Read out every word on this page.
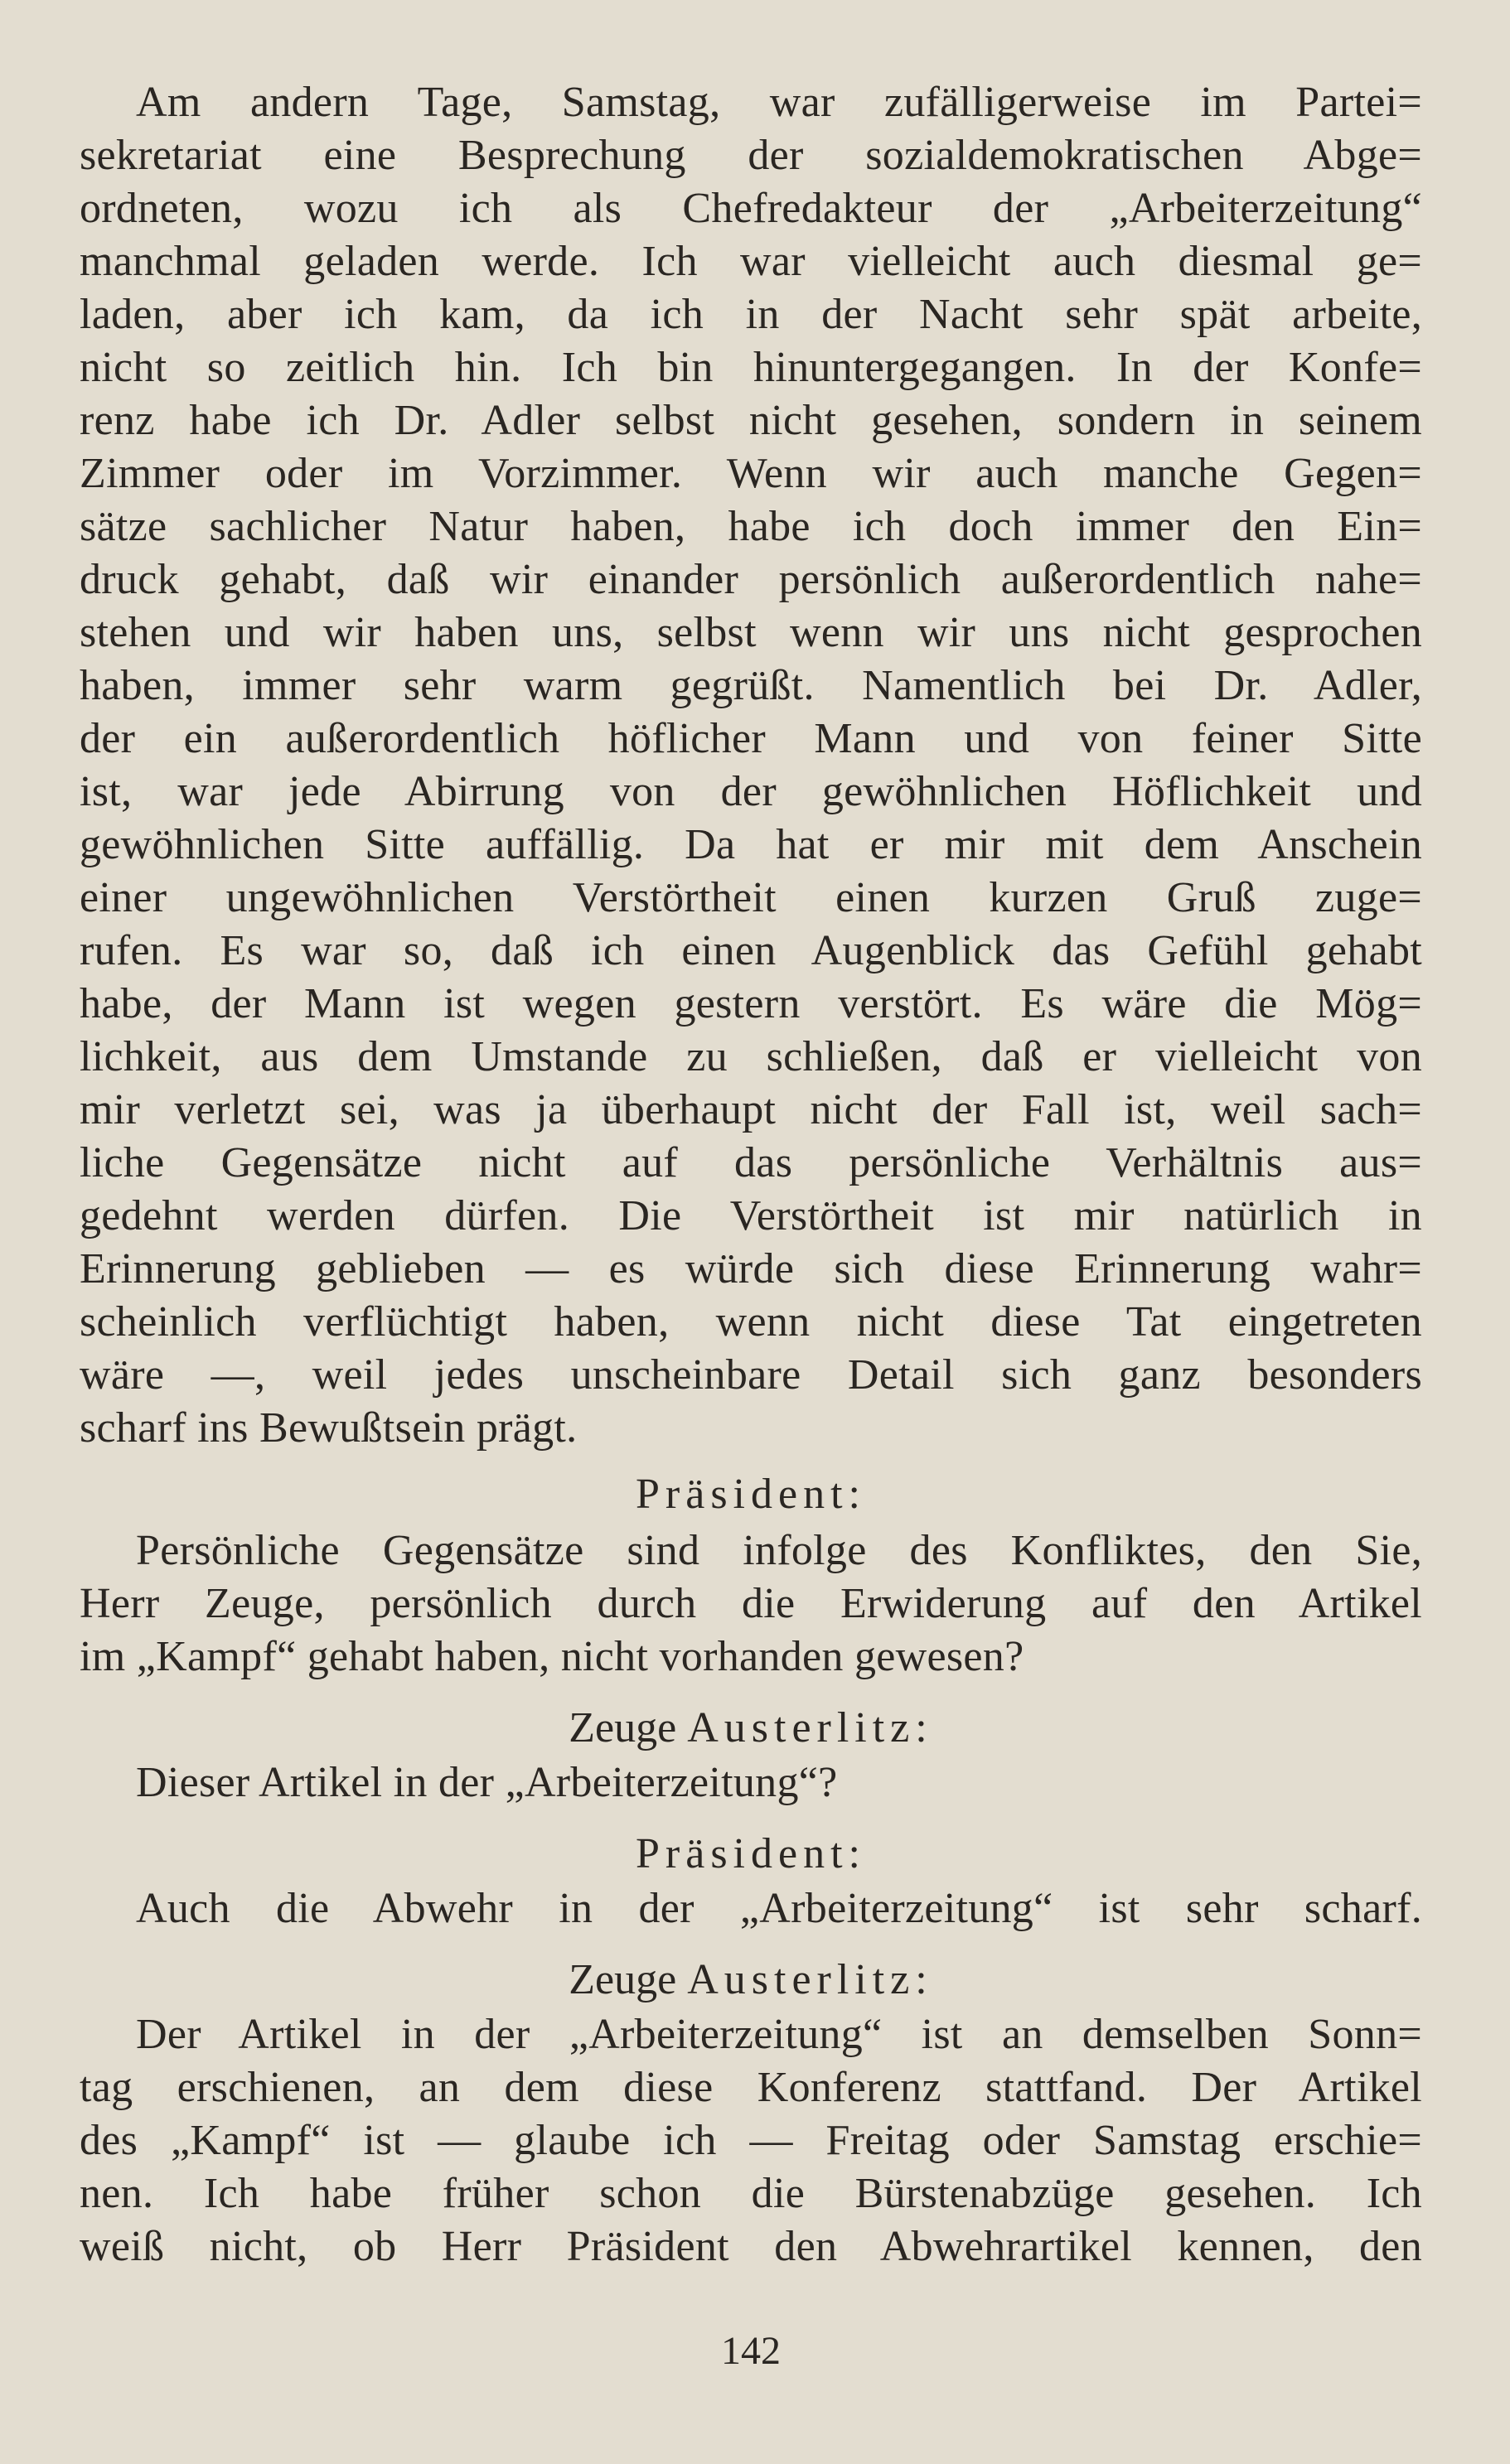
Am andern Tage, Samstag, war zufälligerweise im Partei=

sekretariat eine Besprechung der sozialdemokratischen Abge=

ordneten, wozu ich als Chefredakteur der „Arbeiterzeitung“

manchmal geladen werde. Ich war vielleicht auch diesmal ge=

laden, aber ich kam, da ich in der Nacht sehr spät arbeite,

nicht so zeitlich hin. Ich bin hinuntergegangen. In der Konfe=

renz habe ich Dr. Adler selbst nicht gesehen, sondern in seinem

Zimmer oder im Vorzimmer. Wenn wir auch manche Gegen=

sätze sachlicher Natur haben, habe ich doch immer den Ein=

druck gehabt, daß wir einander persönlich außerordentlich nahe=

stehen und wir haben uns, selbst wenn wir uns nicht gesprochen

haben, immer sehr warm gegrüßt. Namentlich bei Dr. Adler,

der ein außerordentlich höflicher Mann und von feiner Sitte

ist, war jede Abirrung von der gewöhnlichen Höflichkeit und

gewöhnlichen Sitte auffällig. Da hat er mir mit dem Anschein

einer ungewöhnlichen Verstörtheit einen kurzen Gruß zuge=

rufen. Es war so, daß ich einen Augenblick das Gefühl gehabt

habe, der Mann ist wegen gestern verstört. Es wäre die Mög=

lichkeit, aus dem Umstande zu schließen, daß er vielleicht von

mir verletzt sei, was ja überhaupt nicht der Fall ist, weil sach=

liche Gegensätze nicht auf das persönliche Verhältnis aus=

gedehnt werden dürfen. Die Verstörtheit ist mir natürlich in

Erinnerung geblieben — es würde sich diese Erinnerung wahr=

scheinlich verflüchtigt haben, wenn nicht diese Tat eingetreten

wäre —, weil jedes unscheinbare Detail sich ganz besonders

scharf ins Bewußtsein prägt.

Präsident:

Persönliche Gegensätze sind infolge des Konfliktes, den Sie,

Herr Zeuge, persönlich durch die Erwiderung auf den Artikel

im „Kampf“ gehabt haben, nicht vorhanden gewesen?

Zeuge Austerlitz:

Dieser Artikel in der „Arbeiterzeitung“?

Präsident:

Auch die Abwehr in der „Arbeiterzeitung“ ist sehr scharf.

Zeuge Austerlitz:

Der Artikel in der „Arbeiterzeitung“ ist an demselben Sonn=

tag erschienen, an dem diese Konferenz stattfand. Der Artikel

des „Kampf“ ist — glaube ich — Freitag oder Samstag erschie=

nen. Ich habe früher schon die Bürstenabzüge gesehen. Ich

weiß nicht, ob Herr Präsident den Abwehrartikel kennen, den

142
